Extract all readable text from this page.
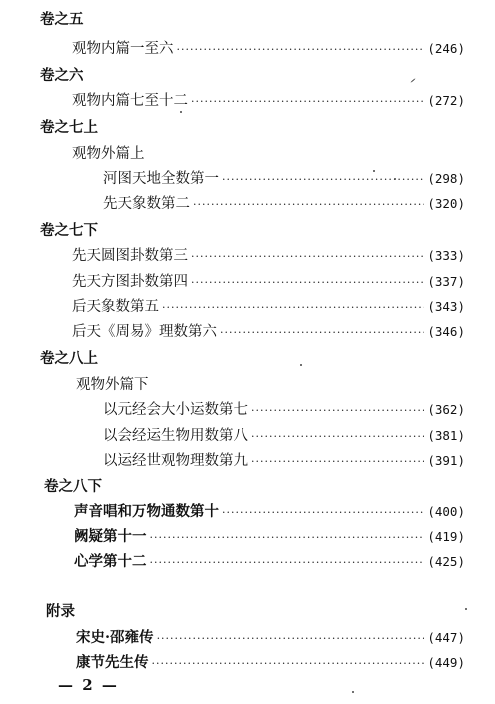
卷之五
观物内篇一至六 ·····	(246)
卷之六
观物内篇七至十二 ·····	(272)
卷之七上
观物外篇上
河图天地全数第一 ·····	(298)
先天象数第二 ·····	(320)
卷之七下
先天圆图卦数第三 ·····	(333)
先天方图卦数第四 ·····	(337)
后天象数第五 ·····	(343)
后天《周易》理数第六 ·····	(346)
卷之八上
观物外篇下
以元经会大小运数第七 ·····	(362)
以会经运生物用数第八 ·····	(381)
以运经世观物理数第九 ·····	(391)
卷之八下
声音唱和万物通数第十 ·····	(400)
阙疑第十一 ·····	(419)
心学第十二 ·····	(425)
附录
宋史·邵雍传 ·····	(447)
康节先生传 ·····	(449)
— 2 —
